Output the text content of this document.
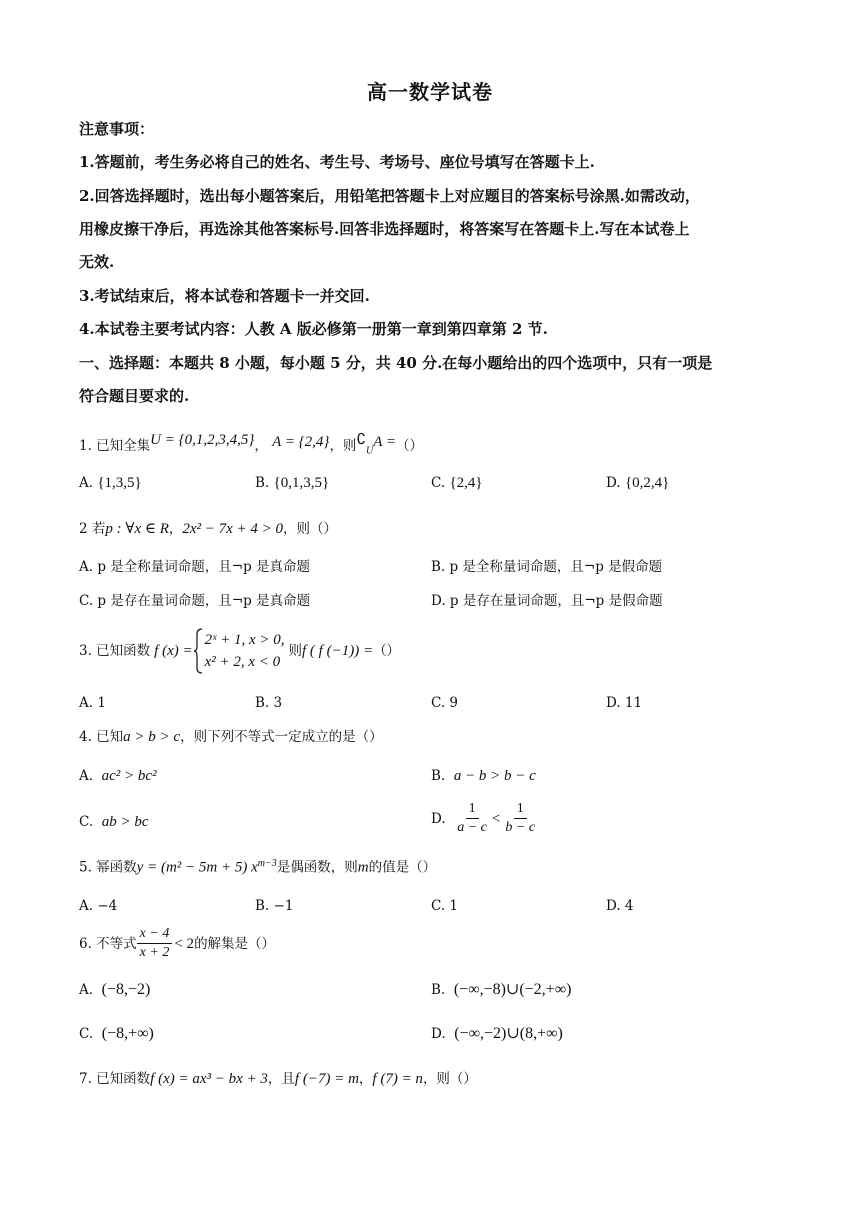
高一数学试卷
注意事项：
1.答题前，考生务必将自己的姓名、考生号、考场号、座位号填写在答题卡上.
2.回答选择题时，选出每小题答案后，用铅笔把答题卡上对应题目的答案标号涂黑.如需改动，
用橡皮擦干净后，再选涂其他答案标号.回答非选择题时，将答案写在答题卡上.写在本试卷上
无效.
3.考试结束后，将本试卷和答题卡一并交回.
4.本试卷主要考试内容：人教 A 版必修第一册第一章到第四章第 2 节.
一、选择题：本题共 8 小题，每小题 5 分，共 40 分.在每小题给出的四个选项中，只有一项是
符合题目要求的.
1. 已知全集U = {0,1,2,3,4,5}， A = {2,4}，则$∁_UA$ =（）
A. {1,3,5}	B. {0,1,3,5}	C. {2,4}	D. {0,2,4}
2 若p : ∀x ∈ R，2x² − 7x + 4 > 0，则（）
A. p 是全称量词命题，且¬p 是真命题	B. p 是全称量词命题，且¬p 是假命题
C. p 是存在量词命题，且¬p 是真命题	D. p 是存在量词命题，且¬p 是假命题
3. 已知函数 f (x) =
2ˣ + 1, x > 0,
x² + 2, x < 0
则 f ( f (−1)) = （）
A. 1	B. 3	C. 9	D. 11
4. 已知a > b > c，则下列不等式一定成立的是（）
A. ac² > bc²	B. a − b > b − c
C. ab > bc	D.
$\frac{1}{a - c} < \frac{1}{b - c}$
5. 幂函数y = (m² − 5m + 5) $x^{m-3}$是偶函数，则m的值是（）
A. −4	B. −1	C. 1	D. 4
6. 不等式 $\frac{x - 4}{x + 2} < 2$ 的解集是（）
A. (−8,−2)	B. (−∞,−8)∪(−2,+∞)
C. (−8,+∞)	D. (−∞,−2)∪(8,+∞)
7. 已知函数f (x) = ax³ − bx + 3，且f (−7) = m，f (7) = n，则（）
